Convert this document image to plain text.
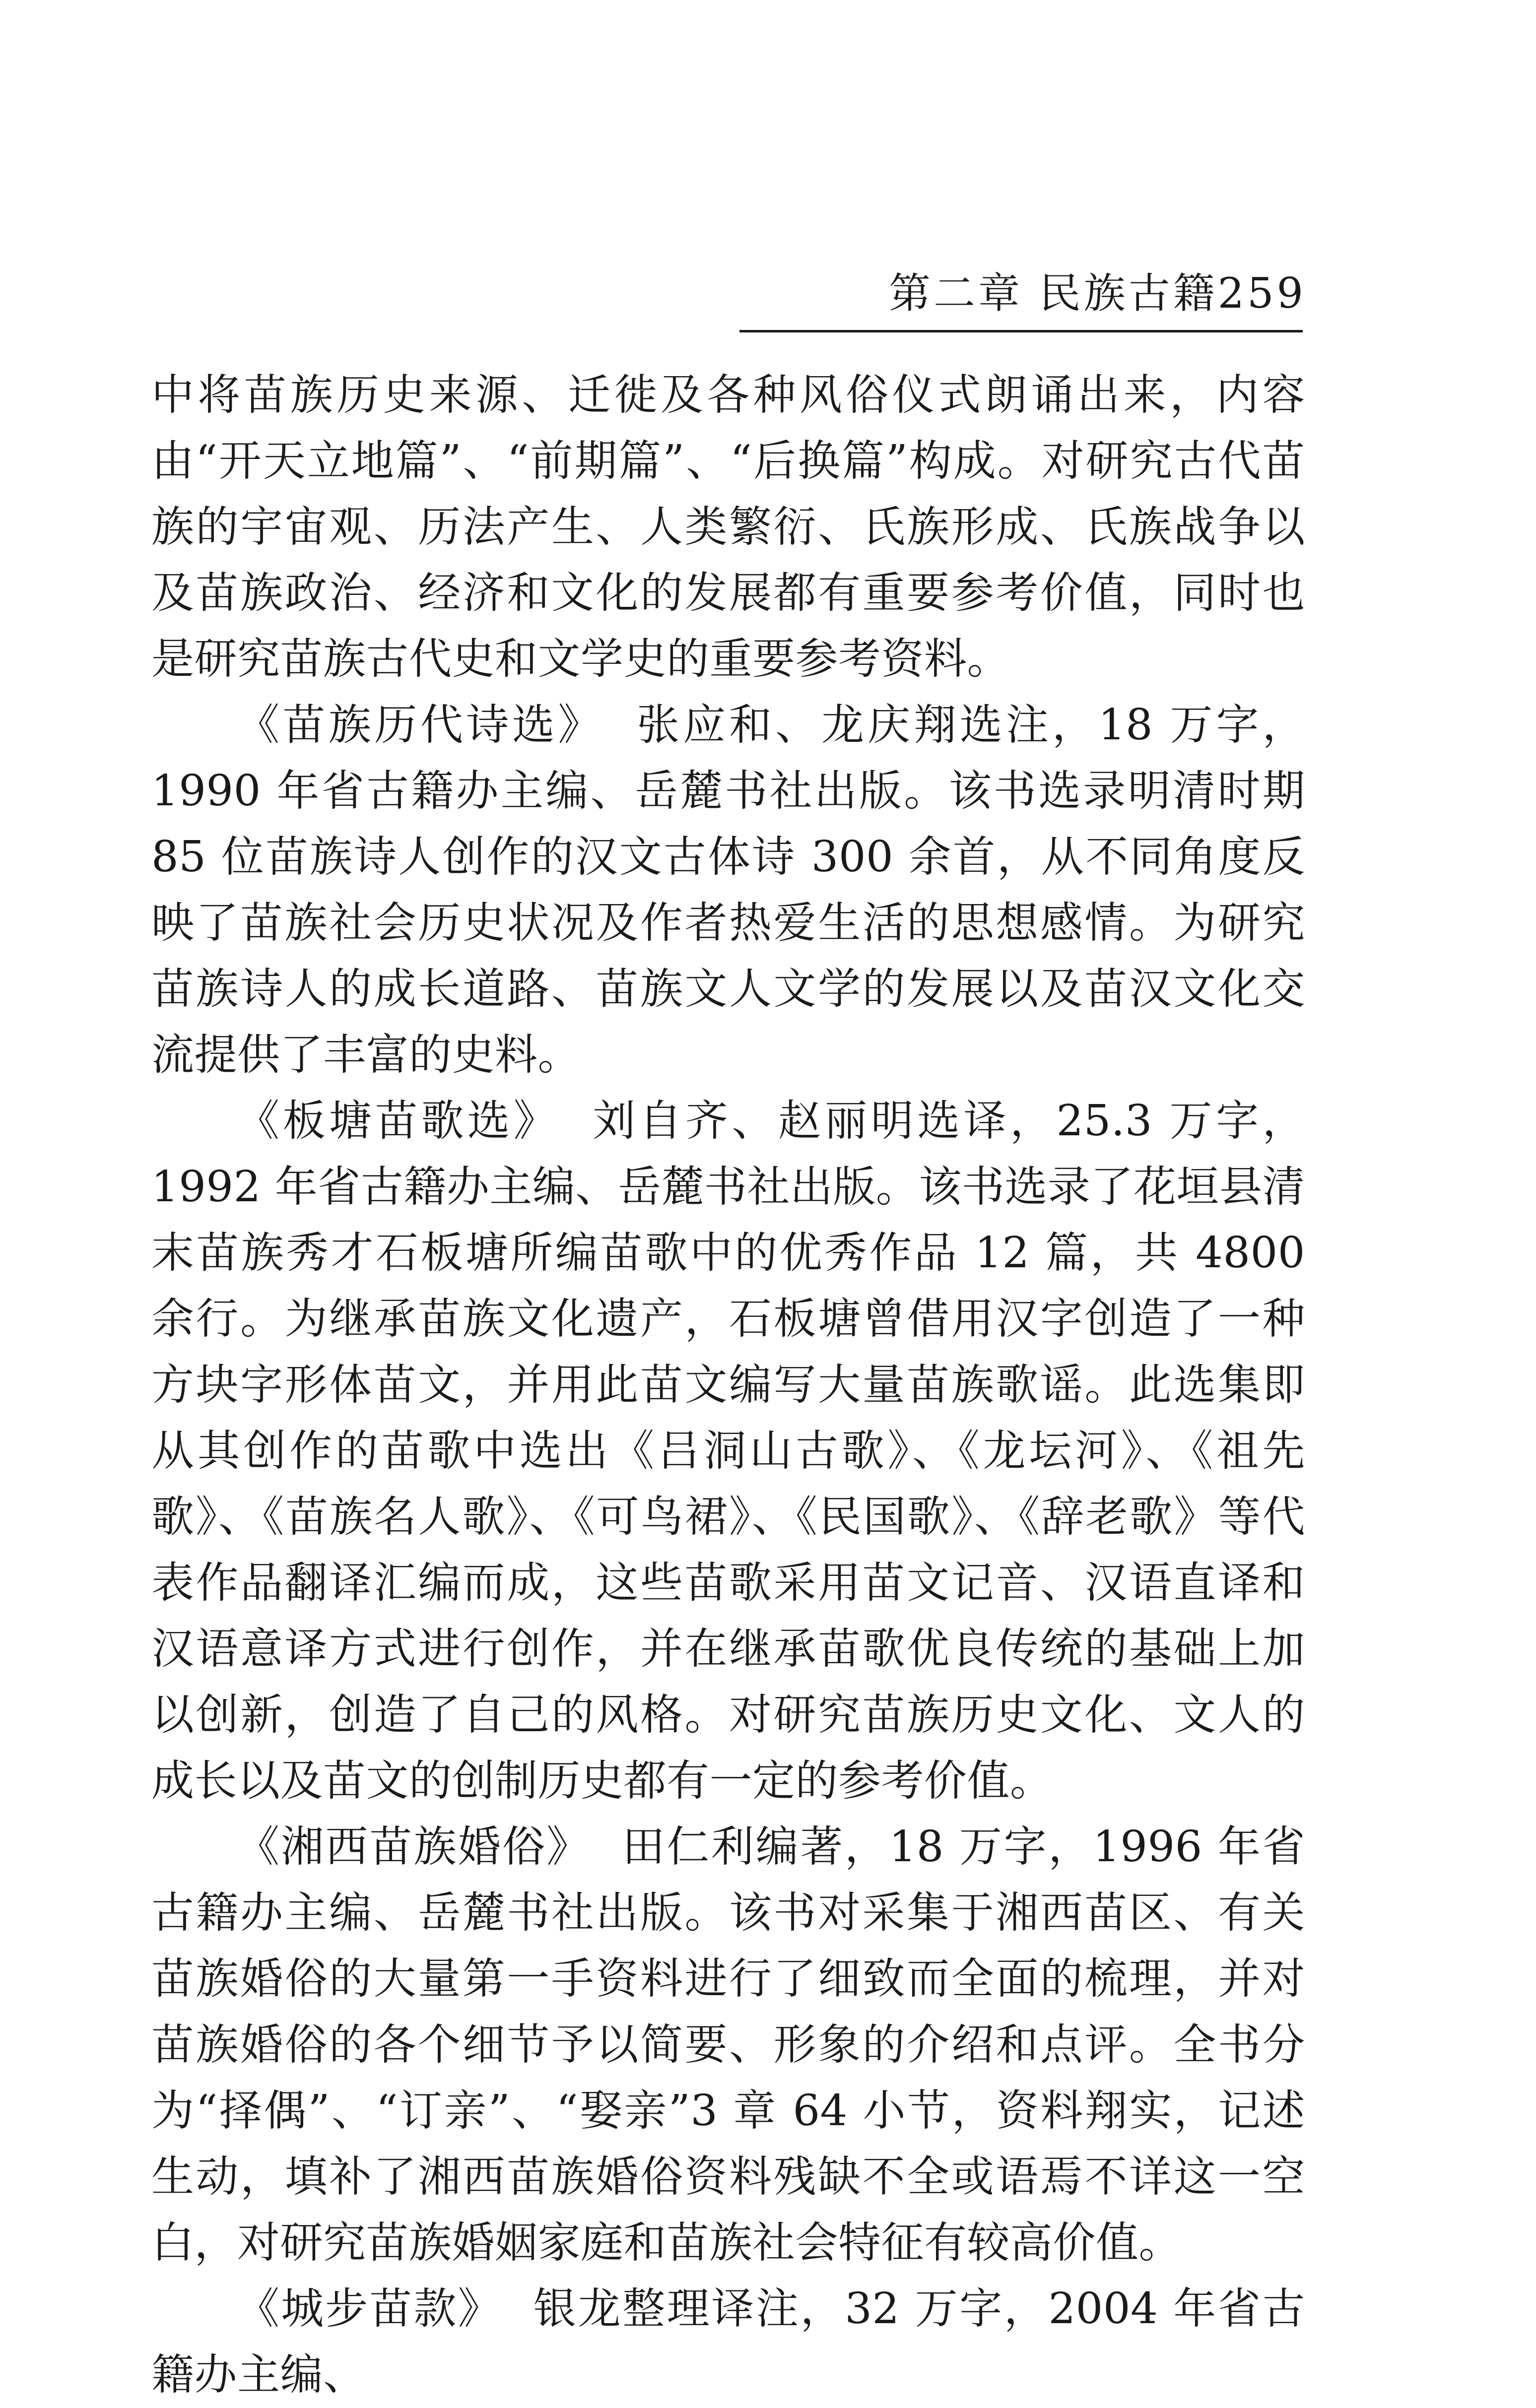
第二章 民族古籍259

中将苗族历史来源、迁徙及各种风俗仪式朗诵出来，内容由“开天立地篇”、“前期篇”、“后换篇”构成。对研究古代苗族的宇宙观、历法产生、人类繁衍、氏族形成、氏族战争以及苗族政治、经济和文化的发展都有重要参考价值，同时也是研究苗族古代史和文学史的重要参考资料。

《苗族历代诗选》 张应和、龙庆翔选注，18 万字，1990 年省古籍办主编、岳麓书社出版。该书选录明清时期 85 位苗族诗人创作的汉文古体诗 300 余首，从不同角度反映了苗族社会历史状况及作者热爱生活的思想感情。为研究苗族诗人的成长道路、苗族文人文学的发展以及苗汉文化交流提供了丰富的史料。

《板塘苗歌选》 刘自齐、赵丽明选译，25.3 万字，1992 年省古籍办主编、岳麓书社出版。该书选录了花垣县清末苗族秀才石板塘所编苗歌中的优秀作品 12 篇，共 4800 余行。为继承苗族文化遗产，石板塘曾借用汉字创造了一种方块字形体苗文，并用此苗文编写大量苗族歌谣。此选集即从其创作的苗歌中选出《吕洞山古歌》、《龙坛河》、《祖先歌》、《苗族名人歌》、《可鸟裙》、《民国歌》、《辞老歌》等代表作品翻译汇编而成，这些苗歌采用苗文记音、汉语直译和汉语意译方式进行创作，并在继承苗歌优良传统的基础上加以创新，创造了自己的风格。对研究苗族历史文化、文人的成长以及苗文的创制历史都有一定的参考价值。

《湘西苗族婚俗》 田仁利编著，18 万字，1996 年省古籍办主编、岳麓书社出版。该书对采集于湘西苗区、有关苗族婚俗的大量第一手资料进行了细致而全面的梳理，并对苗族婚俗的各个细节予以简要、形象的介绍和点评。全书分为“择偶”、“订亲”、“娶亲”3 章 64 小节，资料翔实，记述生动，填补了湘西苗族婚俗资料残缺不全或语焉不详这一空白，对研究苗族婚姻家庭和苗族社会特征有较高价值。

《城步苗款》 银龙整理译注，32 万字，2004 年省古籍办主编、
